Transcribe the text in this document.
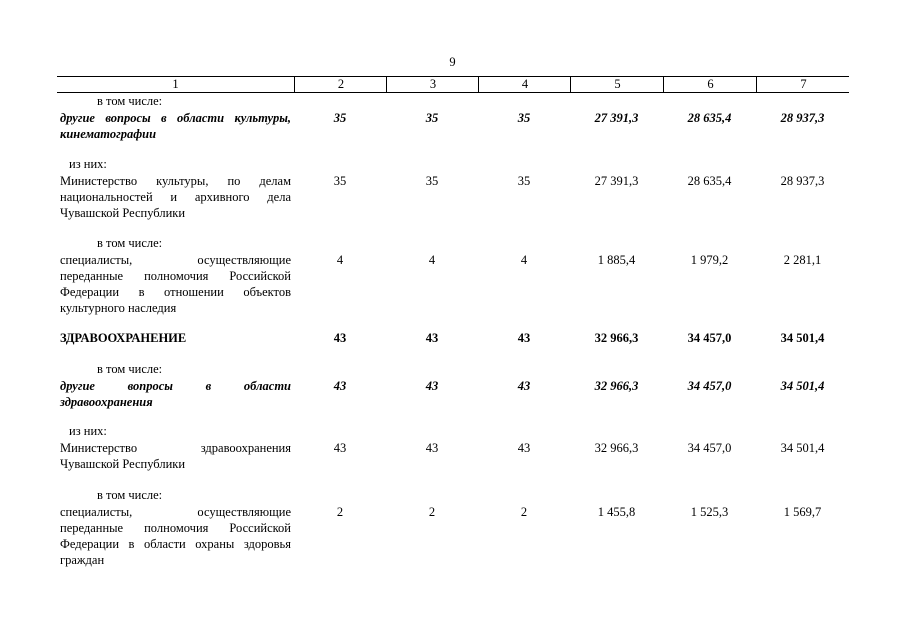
9
1	2	3	4	5	6	7
в том числе:
другие вопросы в области культуры, кинематографии
35	35	35	27 391,3	28 635,4	28 937,3
из них:
Министерство культуры, по делам национальностей и архивного дела Чувашской Республики
35	35	35	27 391,3	28 635,4	28 937,3
в том числе:
специалисты, осуществляющие переданные полномочия Российской Федерации в отношении объектов культурного наследия
4	4	4	1 885,4	1 979,2	2 281,1
ЗДРАВООХРАНЕНИЕ	43	43	43	32 966,3	34 457,0	34 501,4
в том числе:
другие вопросы в области здравоохранения
43	43	43	32 966,3	34 457,0	34 501,4
из них:
Министерство здравоохранения Чувашской Республики
43	43	43	32 966,3	34 457,0	34 501,4
в том числе:
специалисты, осуществляющие переданные полномочия Российской Федерации в области охраны здоровья граждан
2	2	2	1 455,8	1 525,3	1 569,7
